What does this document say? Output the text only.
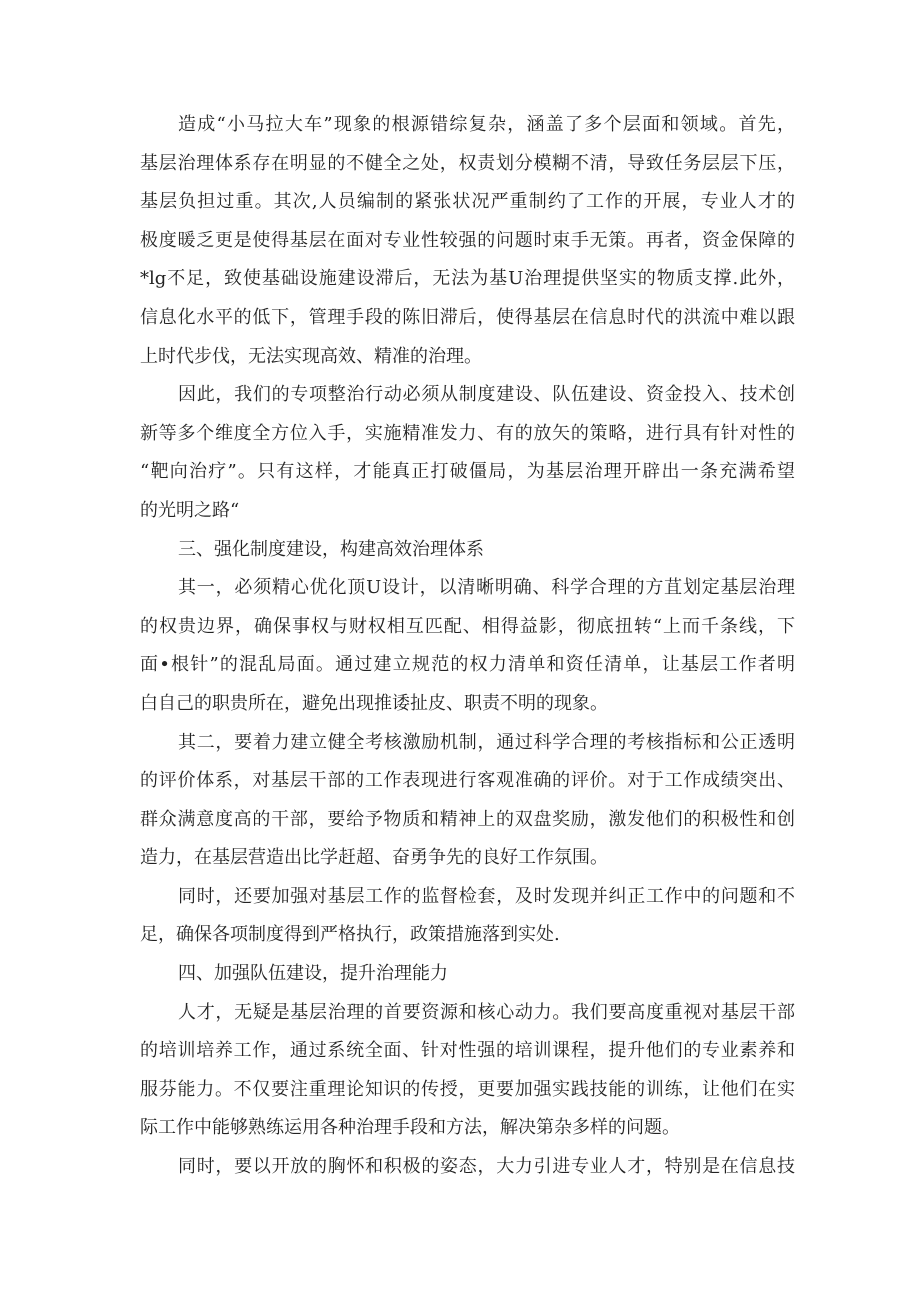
造成“小马拉大车”现象的根源错综复杂，涵盖了多个层面和领域。首先，
基层治理体系存在明显的不健全之处，权责划分模糊不清，导致任务层层下压，
基层负担过重。其次,人员编制的紧张状况严重制约了工作的开展，专业人才的
极度暖乏更是使得基层在面对专业性较强的问题时束手无策。再者，资金保障的
*lg不足，致使基础设施建设滞后，无法为基U治理提供坚实的物质支撑.此外，
信息化水平的低下，管理手段的陈旧滞后，使得基层在信息时代的洪流中难以跟
上时代步伐，无法实现高效、精准的治理。
因此，我们的专项整治行动必须从制度建设、队伍建设、资金投入、技术创
新等多个维度全方位入手，实施精准发力、有的放矢的策略，进行具有针对性的
“靶向治疗”。只有这样，才能真正打破僵局，为基层治理开辟出一条充满希望
的光明之路“
三、强化制度建设，构建高效治理体系
其一，必须精心优化顶U设计，以清晰明确、科学合理的方苴划定基层治理
的权贵边界，确保事权与财权相互匹配、相得益影，彻底扭转“上而千条线，下
面•根针”的混乱局面。通过建立规范的权力清单和资任清单，让基层工作者明
白自己的职贵所在，避免出现推诿扯皮、职责不明的现象。
其二，要着力建立健全考核激励机制，通过科学合理的考核指标和公正透明
的评价体系，对基层干部的工作表现进行客观准确的评价。对于工作成绩突出、
群众满意度高的干部，要给予物质和精神上的双盘奖励，激发他们的积极性和创
造力，在基层营造出比学赶超、奋勇争先的良好工作氛围。
同时，还要加强对基层工作的监督检套，及时发现并纠正工作中的问题和不
足，确保各项制度得到严格执行，政策措施落到实处.
四、加强队伍建设，提升治理能力
人才，无疑是基层治理的首要资源和核心动力。我们要高度重视对基层干部
的培训培养工作，通过系统全面、针对性强的培训课程，提升他们的专业素养和
服芬能力。不仅要注重理论知识的传授，更要加强实践技能的训练，让他们在实
际工作中能够熟练运用各种治理手段和方法，解决第杂多样的问题。
同时，要以开放的胸怀和积极的姿态，大力引进专业人才，特别是在信息技
